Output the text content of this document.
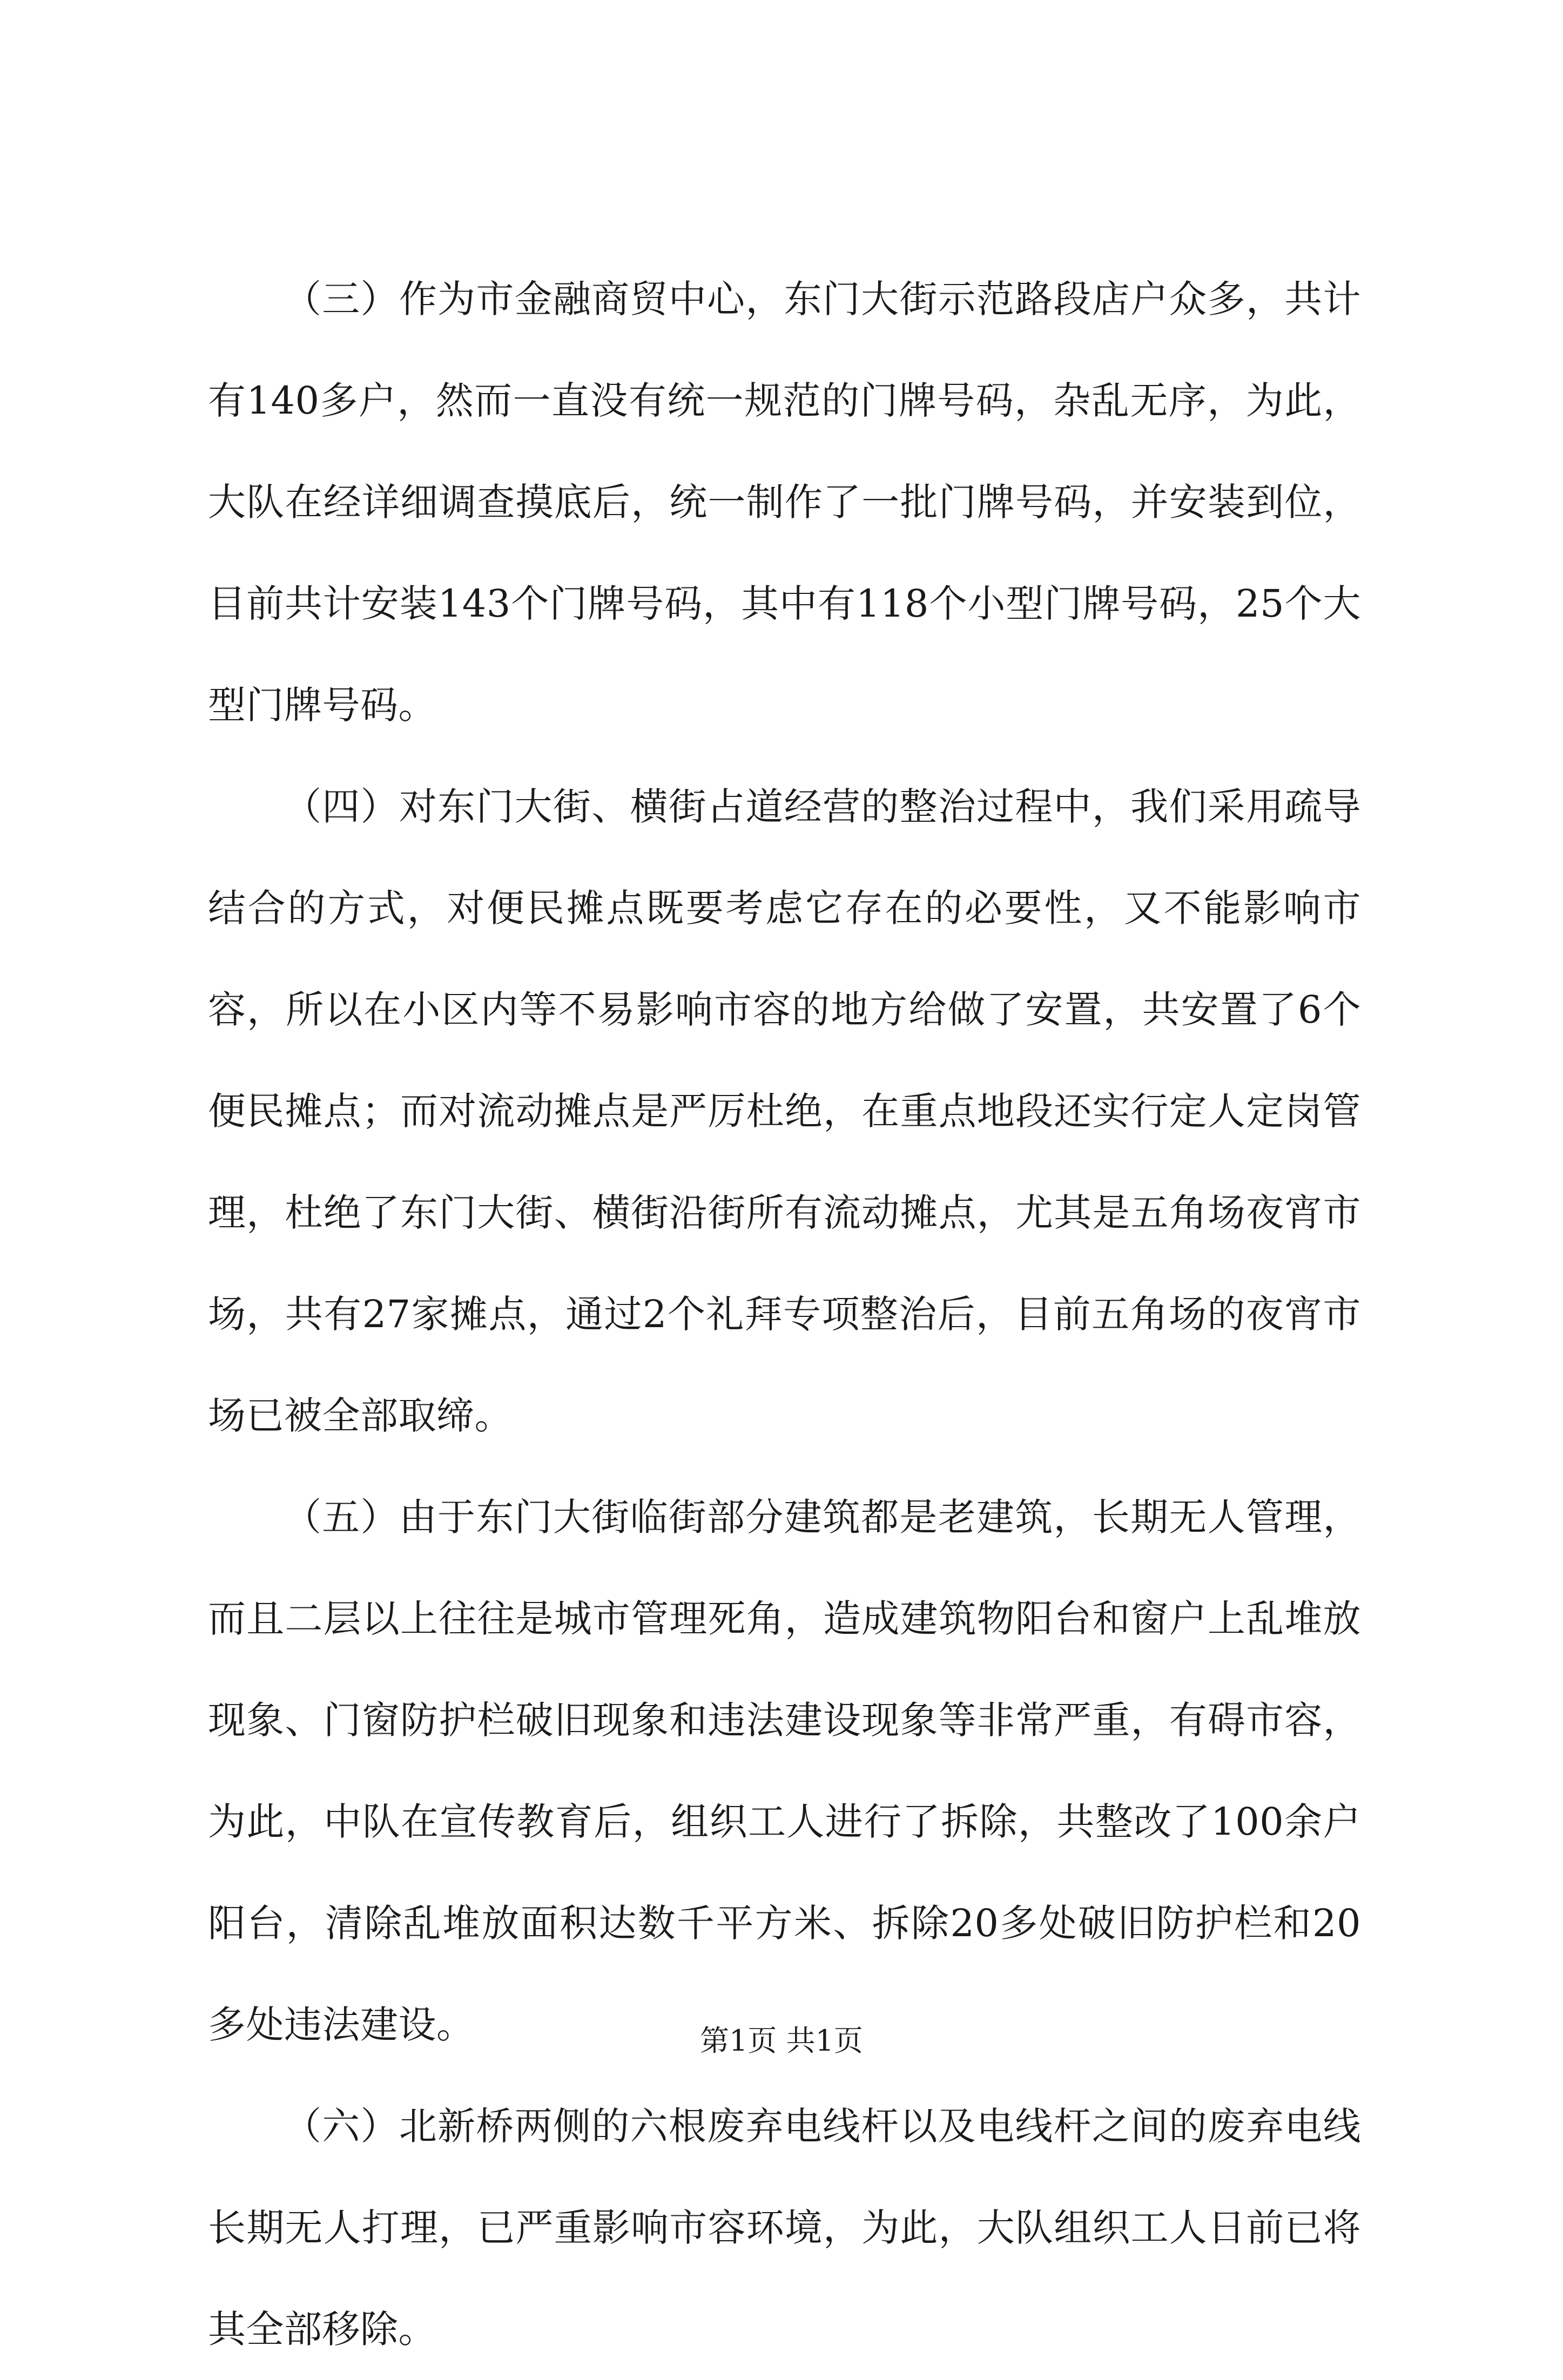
（三）作为市金融商贸中心，东门大街示范路段店户众多，共计有140多户，然而一直没有统一规范的门牌号码，杂乱无序，为此，大队在经详细调查摸底后，统一制作了一批门牌号码，并安装到位，目前共计安装143个门牌号码，其中有118个小型门牌号码，25个大型门牌号码。

（四）对东门大街、横街占道经营的整治过程中，我们采用疏导结合的方式，对便民摊点既要考虑它存在的必要性，又不能影响市容，所以在小区内等不易影响市容的地方给做了安置，共安置了6个便民摊点；而对流动摊点是严厉杜绝，在重点地段还实行定人定岗管理，杜绝了东门大街、横街沿街所有流动摊点，尤其是五角场夜宵市场，共有27家摊点，通过2个礼拜专项整治后，目前五角场的夜宵市场已被全部取缔。

（五）由于东门大街临街部分建筑都是老建筑，长期无人管理，而且二层以上往往是城市管理死角，造成建筑物阳台和窗户上乱堆放现象、门窗防护栏破旧现象和违法建设现象等非常严重，有碍市容，为此，中队在宣传教育后，组织工人进行了拆除，共整改了100余户阳台，清除乱堆放面积达数千平方米、拆除20多处破旧防护栏和20多处违法建设。

（六）北新桥两侧的六根废弃电线杆以及电线杆之间的废弃电线长期无人打理，已严重影响市容环境，为此，大队组织工人日前已将其全部移除。

第1页 共1页
